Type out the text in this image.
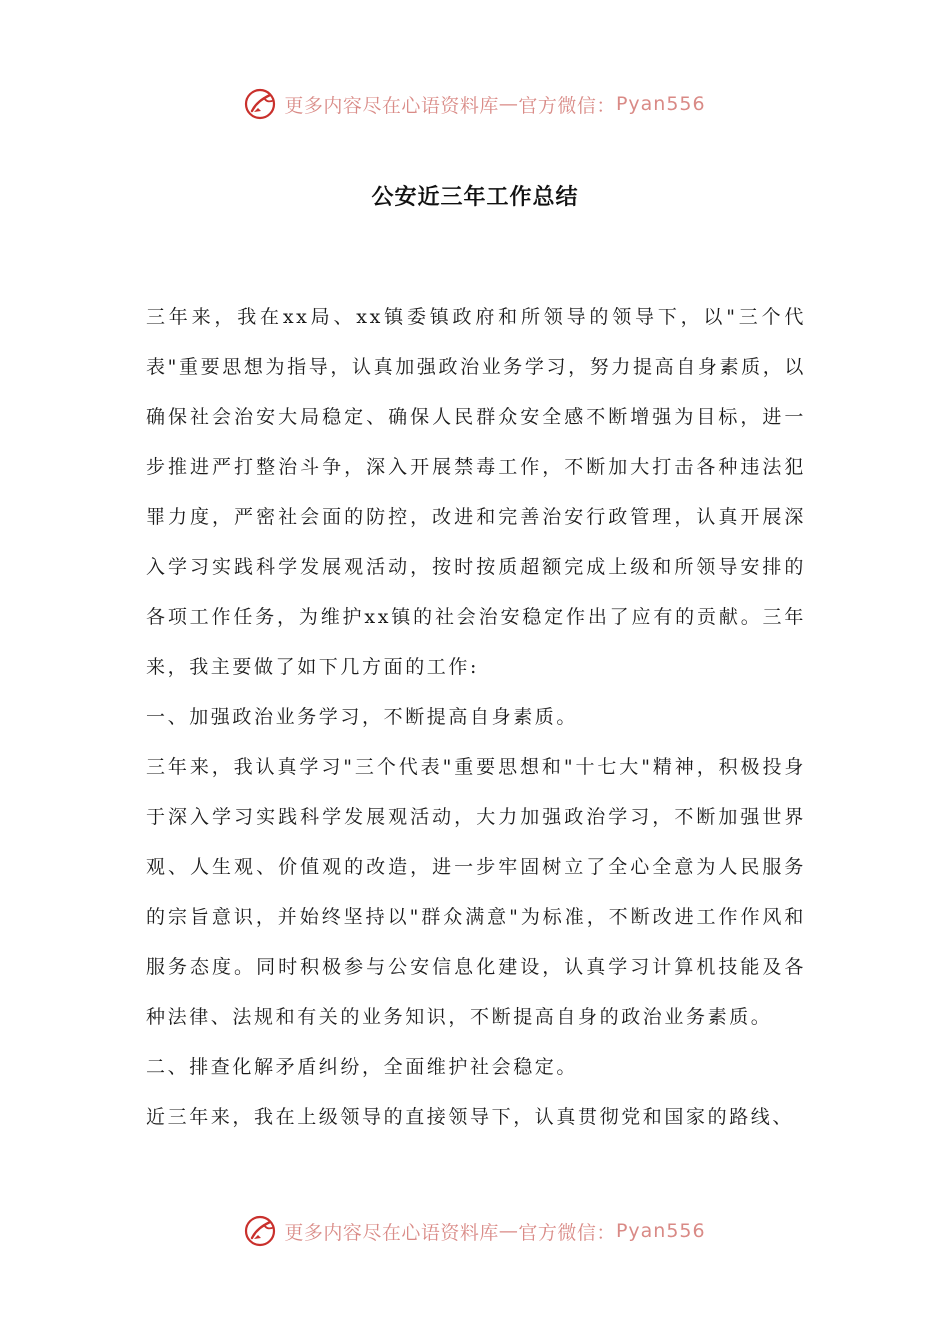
更多内容尽在心语资料库 — 官方微信： Pyan556
公安近三年工作总结

三年来，我在xx局、xx镇委镇政府和所领导的领导下，以"三个代表"重要思想为指导，认真加强政治业务学习，努力提高自身素质，以确保社会治安大局稳定、确保人民群众安全感不断增强为目标，进一步推进严打整治斗争，深入开展禁毒工作，不断加大打击各种违法犯罪力度，严密社会面的防控，改进和完善治安行政管理，认真开展深入学习实践科学发展观活动，按时按质超额完成上级和所领导安排的各项工作任务，为维护xx镇的社会治安稳定作出了应有的贡献。三年来，我主要做了如下几方面的工作:

一、加强政治业务学习，不断提高自身素质。

三年来，我认真学习"三个代表"重要思想和"十七大"精神，积极投身于深入学习实践科学发展观活动，大力加强政治学习，不断加强世界观、人生观、价值观的改造，进一步牢固树立了全心全意为人民服务的宗旨意识，并始终坚持以"群众满意"为标准，不断改进工作作风和服务态度。同时积极参与公安信息化建设，认真学习计算机技能及各种法律、法规和有关的业务知识，不断提高自身的政治业务素质。

二、排查化解矛盾纠纷，全面维护社会稳定。

近三年来，我在上级领导的直接领导下，认真贯彻党和国家的路线、

更多内容尽在心语资料库 — 官方微信： Pyan556
